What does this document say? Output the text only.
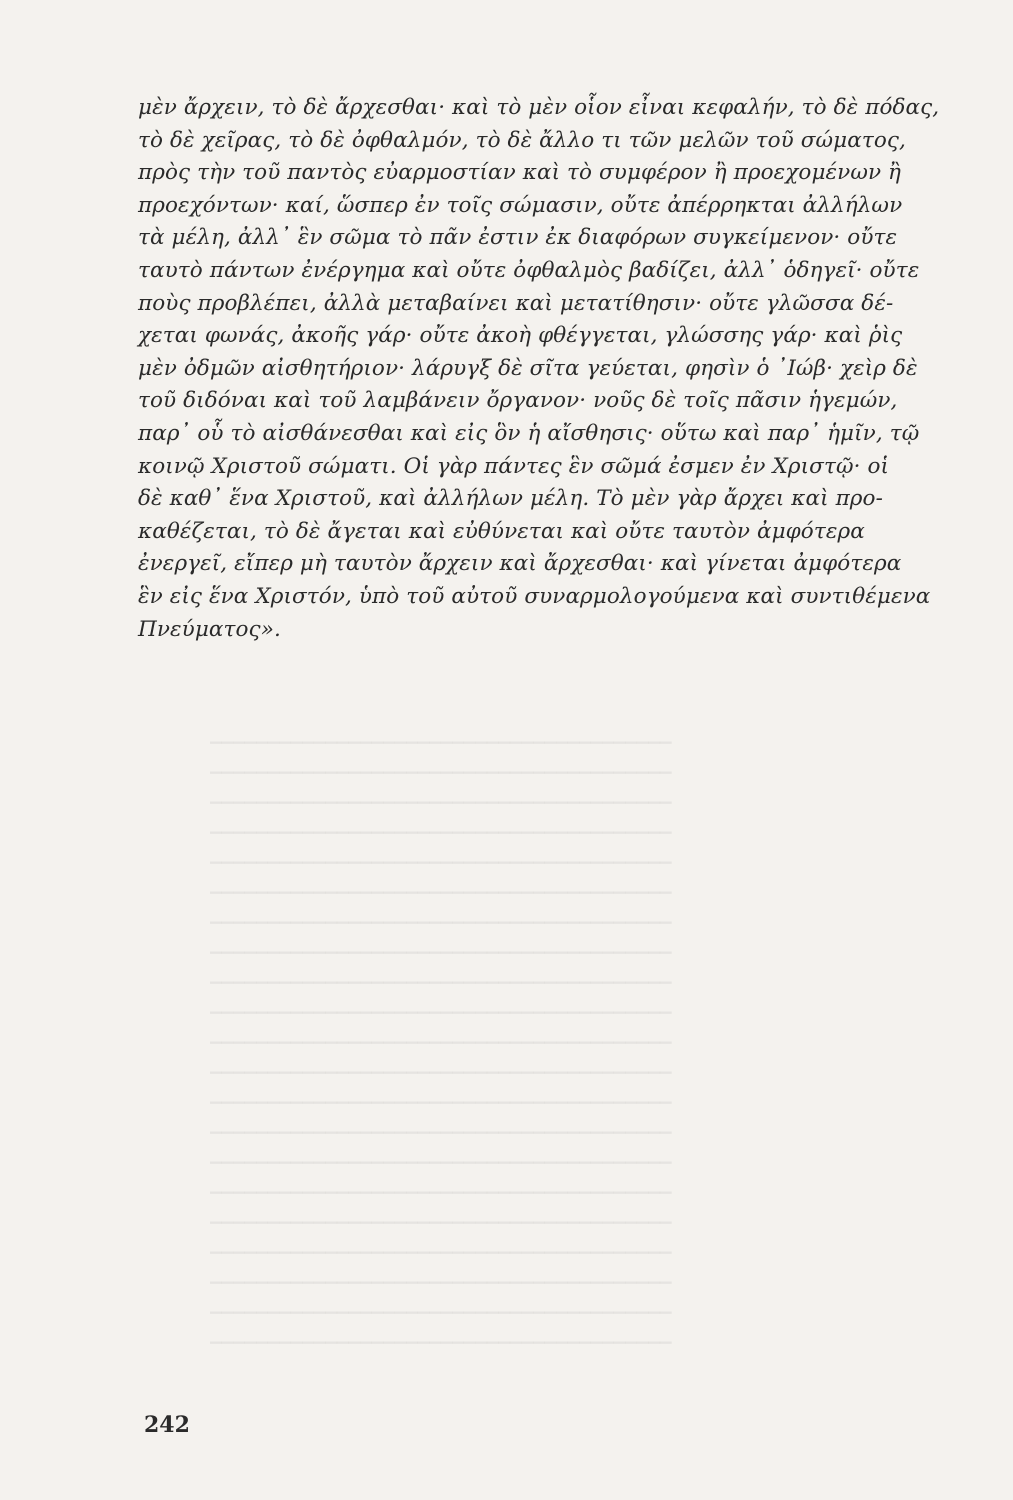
▁▁▁▁▁▁▁▁▁▁▁▁▁▁▁▁▁▁▁▁▁▁▁▁▁▁▁▁▁▁▁▁▁▁▁▁▁▁▁▁
▁▁▁▁▁▁▁▁▁▁▁▁▁▁▁▁▁▁▁▁▁▁▁▁▁▁▁▁▁▁▁▁▁▁▁▁▁▁▁▁
▁▁▁▁▁▁▁▁▁▁▁▁▁▁▁▁▁▁▁▁▁▁▁▁▁▁▁▁▁▁▁▁▁▁▁▁▁▁▁▁
▁▁▁▁▁▁▁▁▁▁▁▁▁▁▁▁▁▁▁▁▁▁▁▁▁▁▁▁▁▁▁▁▁▁▁▁▁▁▁▁
▁▁▁▁▁▁▁▁▁▁▁▁▁▁▁▁▁▁▁▁▁▁▁▁▁▁▁▁▁▁▁▁▁▁▁▁▁▁▁▁
▁▁▁▁▁▁▁▁▁▁▁▁▁▁▁▁▁▁▁▁▁▁▁▁▁▁▁▁▁▁▁▁▁▁▁▁▁▁▁▁
▁▁▁▁▁▁▁▁▁▁▁▁▁▁▁▁▁▁▁▁▁▁▁▁▁▁▁▁▁▁▁▁▁▁▁▁▁▁▁▁
▁▁▁▁▁▁▁▁▁▁▁▁▁▁▁▁▁▁▁▁▁▁▁▁▁▁▁▁▁▁▁▁▁▁▁▁▁▁▁▁
▁▁▁▁▁▁▁▁▁▁▁▁▁▁▁▁▁▁▁▁▁▁▁▁▁▁▁▁▁▁▁▁▁▁▁▁▁▁▁▁
▁▁▁▁▁▁▁▁▁▁▁▁▁▁▁▁▁▁▁▁▁▁▁▁▁▁▁▁▁▁▁▁▁▁▁▁▁▁▁▁
▁▁▁▁▁▁▁▁▁▁▁▁▁▁▁▁▁▁▁▁▁▁▁▁▁▁▁▁▁▁▁▁▁▁▁▁▁▁▁▁
▁▁▁▁▁▁▁▁▁▁▁▁▁▁▁▁▁▁▁▁▁▁▁▁▁▁▁▁▁▁▁▁▁▁▁▁▁▁▁▁
▁▁▁▁▁▁▁▁▁▁▁▁▁▁▁▁▁▁▁▁▁▁▁▁▁▁▁▁▁▁▁▁▁▁▁▁▁▁▁▁
▁▁▁▁▁▁▁▁▁▁▁▁▁▁▁▁▁▁▁▁▁▁▁▁▁▁▁▁▁▁▁▁▁▁▁▁▁▁▁▁
▁▁▁▁▁▁▁▁▁▁▁▁▁▁▁▁▁▁▁▁▁▁▁▁▁▁▁▁▁▁▁▁▁▁▁▁▁▁▁▁
▁▁▁▁▁▁▁▁▁▁▁▁▁▁▁▁▁▁▁▁▁▁▁▁▁▁▁▁▁▁▁▁▁▁▁▁▁▁▁▁
▁▁▁▁▁▁▁▁▁▁▁▁▁▁▁▁▁▁▁▁▁▁▁▁▁▁▁▁▁▁▁▁▁▁▁▁▁▁▁▁
▁▁▁▁▁▁▁▁▁▁▁▁▁▁▁▁▁▁▁▁▁▁▁▁▁▁▁▁▁▁▁▁▁▁▁▁▁▁▁▁
▁▁▁▁▁▁▁▁▁▁▁▁▁▁▁▁▁▁▁▁▁▁▁▁▁▁▁▁▁▁▁▁▁▁▁▁▁▁▁▁
▁▁▁▁▁▁▁▁▁▁▁▁▁▁▁▁▁▁▁▁▁▁▁▁▁▁▁▁▁▁▁▁▁▁▁▁▁▁▁▁
▁▁▁▁▁▁▁▁▁▁▁▁▁▁▁▁▁▁▁▁▁▁▁▁▁▁▁▁▁▁▁▁▁▁▁▁▁▁▁▁
μὲν ἄρχειν, τὸ δὲ ἄρχεσθαι· καὶ τὸ μὲν οἷον εἶναι κεφαλήν, τὸ δὲ πόδας,
τὸ δὲ χεῖρας, τὸ δὲ ὀφθαλμόν, τὸ δὲ ἄλλο τι τῶν μελῶν τοῦ σώματος,
πρὸς τὴν τοῦ παντὸς εὐαρμοστίαν καὶ τὸ συμφέρον ἢ προεχομένων ἢ
προεχόντων· καί, ὥσπερ ἐν τοῖς σώμασιν, οὔτε ἀπέρρηκται ἀλλήλων
τὰ μέλη, ἀλλ᾿ ἓν σῶμα τὸ πᾶν ἐστιν ἐκ διαφόρων συγκείμενον· οὔτε
ταυτὸ πάντων ἐνέργημα καὶ οὔτε ὀφθαλμὸς βαδίζει, ἀλλ᾿ ὁδηγεῖ· οὔτε
ποὺς προβλέπει, ἀλλὰ μεταβαίνει καὶ μετατίθησιν· οὔτε γλῶσσα δέ-
χεται φωνάς, ἀκοῆς γάρ· οὔτε ἀκοὴ φθέγγεται, γλώσσης γάρ· καὶ ῥὶς
μὲν ὀδμῶν αἰσθητήριον· λάρυγξ δὲ σῖτα γεύεται, φησὶν ὁ ᾿Ιώβ· χεὶρ δὲ
τοῦ διδόναι καὶ τοῦ λαμβάνειν ὄργανον· νοῦς δὲ τοῖς πᾶσιν ἡγεμών,
παρ᾿ οὗ τὸ αἰσθάνεσθαι καὶ εἰς ὃν ἡ αἴσθησις· οὕτω καὶ παρ᾿ ἡμῖν, τῷ
κοινῷ Χριστοῦ σώματι. Οἱ γὰρ πάντες ἓν σῶμά ἐσμεν ἐν Χριστῷ· οἱ
δὲ καθ᾿ ἕνα Χριστοῦ, καὶ ἀλλήλων μέλη. Τὸ μὲν γὰρ ἄρχει καὶ προ-
καθέζεται, τὸ δὲ ἄγεται καὶ εὐθύνεται καὶ οὔτε ταυτὸν ἀμφότερα
ἐνεργεῖ, εἴπερ μὴ ταυτὸν ἄρχειν καὶ ἄρχεσθαι· καὶ γίνεται ἀμφότερα
ἓν εἰς ἕνα Χριστόν, ὑπὸ τοῦ αὐτοῦ συναρμολογούμενα καὶ συντιθέμενα
Πνεύματος».
242
